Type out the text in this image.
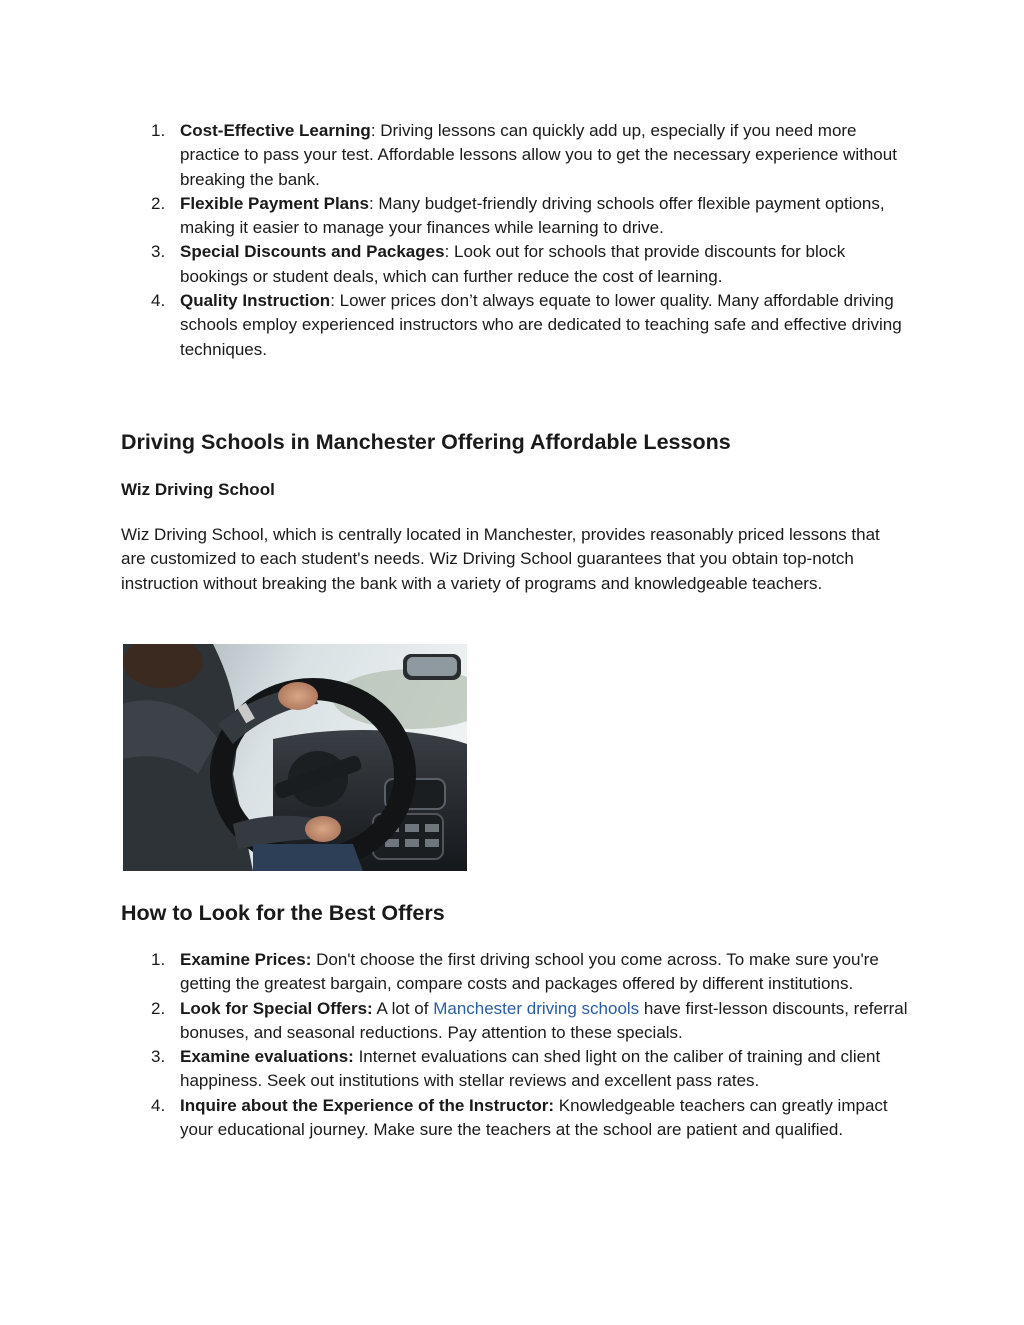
1. Cost-Effective Learning: Driving lessons can quickly add up, especially if you need more practice to pass your test. Affordable lessons allow you to get the necessary experience without breaking the bank.
2. Flexible Payment Plans: Many budget-friendly driving schools offer flexible payment options, making it easier to manage your finances while learning to drive.
3. Special Discounts and Packages: Look out for schools that provide discounts for block bookings or student deals, which can further reduce the cost of learning.
4. Quality Instruction: Lower prices don’t always equate to lower quality. Many affordable driving schools employ experienced instructors who are dedicated to teaching safe and effective driving techniques.
Driving Schools in Manchester Offering Affordable Lessons
Wiz Driving School

Wiz Driving School, which is centrally located in Manchester, provides reasonably priced lessons that are customized to each student's needs. Wiz Driving School guarantees that you obtain top-notch instruction without breaking the bank with a variety of programs and knowledgeable teachers.

How to Look for the Best Offers
1. Examine Prices: Don't choose the first driving school you come across. To make sure you're getting the greatest bargain, compare costs and packages offered by different institutions.
2. Look for Special Offers: A lot of Manchester driving schools have first-lesson discounts, referral bonuses, and seasonal reductions. Pay attention to these specials.
3. Examine evaluations: Internet evaluations can shed light on the caliber of training and client happiness. Seek out institutions with stellar reviews and excellent pass rates.
4. Inquire about the Experience of the Instructor: Knowledgeable teachers can greatly impact your educational journey. Make sure the teachers at the school are patient and qualified.
